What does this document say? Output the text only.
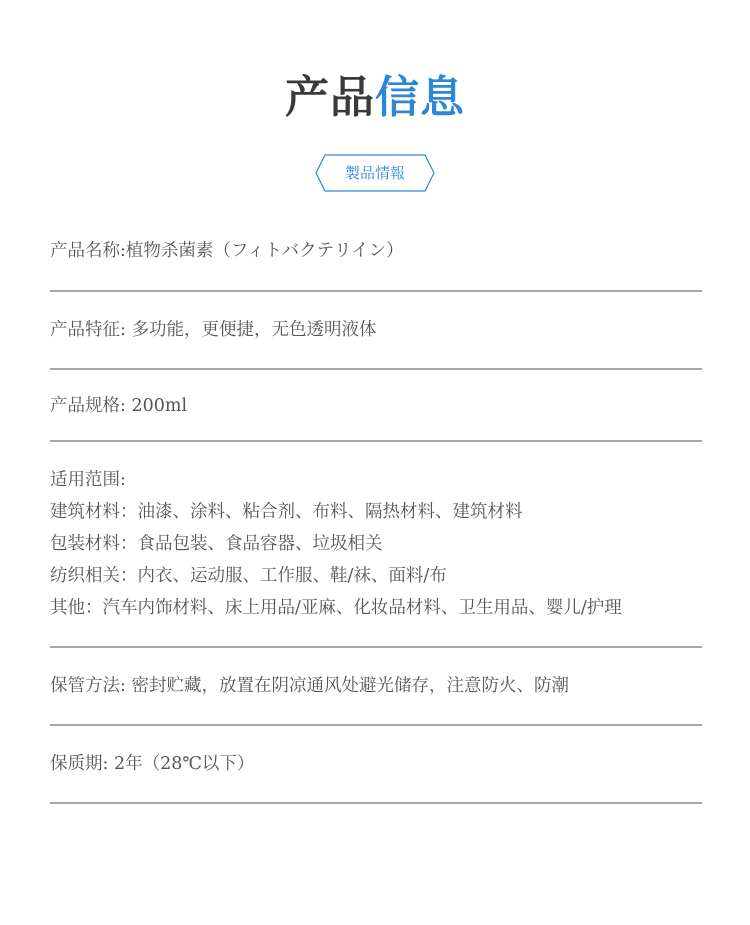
产品信息
製品情報
产品名称:植物杀菌素（フィトバクテリイン）
产品特征: 多功能，更便捷，无色透明液体
产品规格: 200ml
适用范围:
建筑材料：油漆、涂料、粘合剂、布料、隔热材料、建筑材料
包装材料：食品包装、食品容器、垃圾相关
纺织相关：内衣、运动服、工作服、鞋/袜、面料/布
其他：汽车内饰材料、床上用品/亚麻、化妆品材料、卫生用品、婴儿/护理
保管方法: 密封贮藏，放置在阴凉通风处避光储存，注意防火、防潮
保质期: 2年（28℃以下）
